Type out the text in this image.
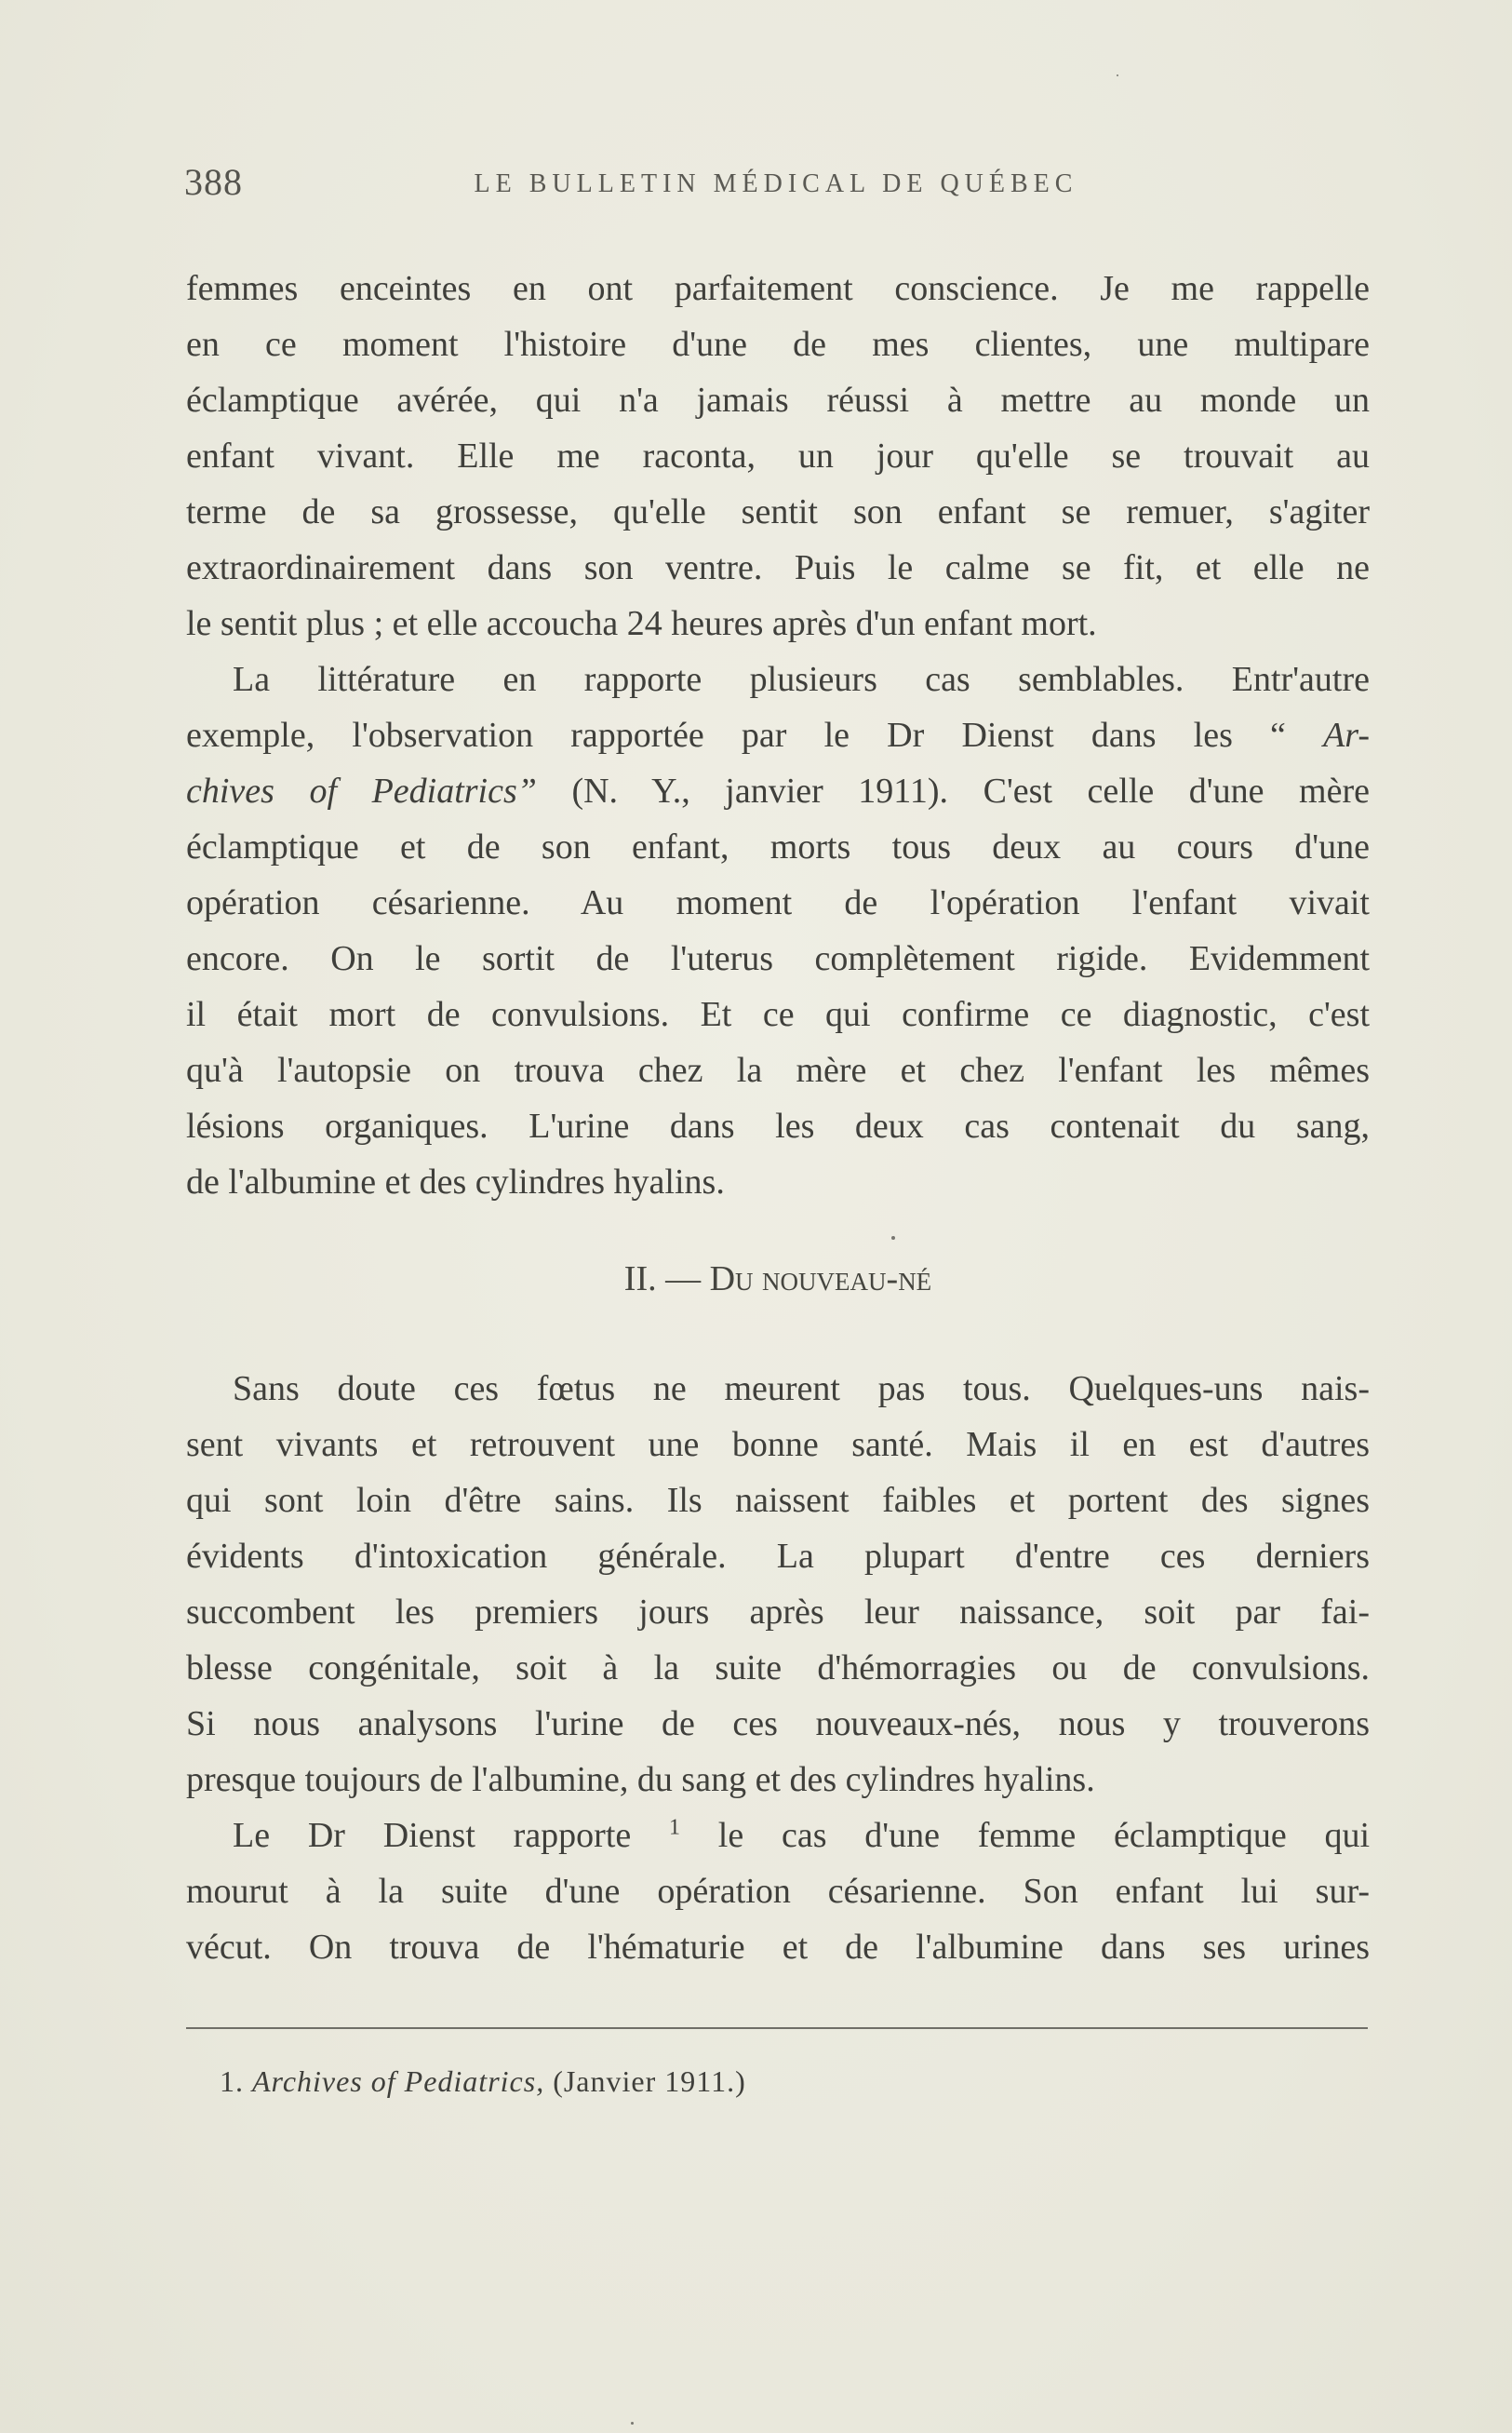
388	LE BULLETIN MÉDICAL DE QUÉBEC
femmes enceintes en ont parfaitement conscience. Je me rappelle
en ce moment l'histoire d'une de mes clientes, une multipare
éclamptique avérée, qui n'a jamais réussi à mettre au monde un
enfant vivant. Elle me raconta, un jour qu'elle se trouvait au
terme de sa grossesse, qu'elle sentit son enfant se remuer, s'agiter
extraordinairement dans son ventre. Puis le calme se fit, et elle ne
le sentit plus ; et elle accoucha 24 heures après d'un enfant mort.
La littérature en rapporte plusieurs cas semblables. Entr'autre
exemple, l'observation rapportée par le Dr Dienst dans les “ Ar-
chives of Pediatrics” (N. Y., janvier 1911). C'est celle d'une mère
éclamptique et de son enfant, morts tous deux au cours d'une
opération césarienne. Au moment de l'opération l'enfant vivait
encore. On le sortit de l'uterus complètement rigide. Evidemment
il était mort de convulsions. Et ce qui confirme ce diagnostic, c'est
qu'à l'autopsie on trouva chez la mère et chez l'enfant les mêmes
lésions organiques. L'urine dans les deux cas contenait du sang,
de l'albumine et des cylindres hyalins.
II. — Du nouveau-né
Sans doute ces fœtus ne meurent pas tous. Quelques-uns nais-
sent vivants et retrouvent une bonne santé. Mais il en est d'autres
qui sont loin d'être sains. Ils naissent faibles et portent des signes
évidents d'intoxication générale. La plupart d'entre ces derniers
succombent les premiers jours après leur naissance, soit par fai-
blesse congénitale, soit à la suite d'hémorragies ou de convulsions.
Si nous analysons l'urine de ces nouveaux-nés, nous y trouverons
presque toujours de l'albumine, du sang et des cylindres hyalins.
Le Dr Dienst rapporte $^1$ le cas d'une femme éclamptique qui
mourut à la suite d'une opération césarienne. Son enfant lui sur-
vécut. On trouva de l'hématurie et de l'albumine dans ses urines
1. Archives of Pediatrics, (Janvier 1911.)
